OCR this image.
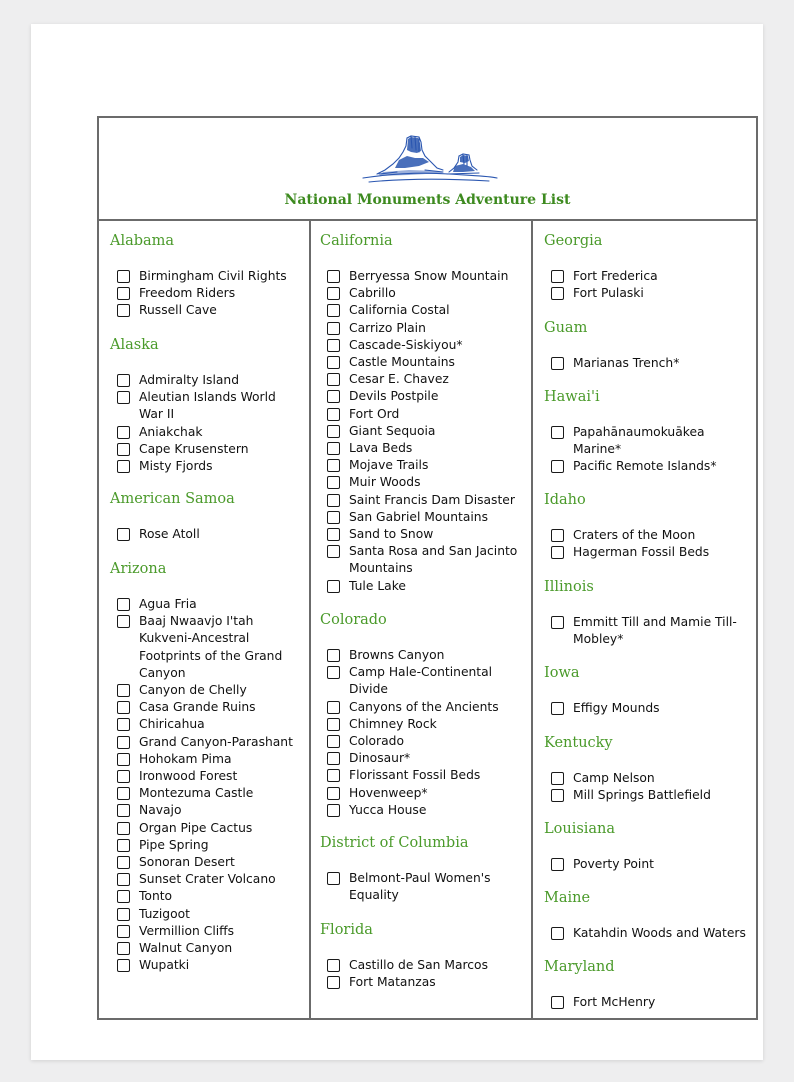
National Monuments Adventure List
Alabama
Birmingham Civil Rights
Freedom Riders
Russell Cave
Alaska
Admiralty Island
Aleutian Islands World War II
Aniakchak
Cape Krusenstern
Misty Fjords
American Samoa
Rose Atoll
Arizona
Agua Fria
Baaj Nwaavjo I'tah Kukveni-Ancestral Footprints of the Grand Canyon
Canyon de Chelly
Casa Grande Ruins
Chiricahua
Grand Canyon-Parashant
Hohokam Pima
Ironwood Forest
Montezuma Castle
Navajo
Organ Pipe Cactus
Pipe Spring
Sonoran Desert
Sunset Crater Volcano
Tonto
Tuzigoot
Vermillion Cliffs
Walnut Canyon
Wupatki
California
Berryessa Snow Mountain
Cabrillo
California Costal
Carrizo Plain
Cascade-Siskiyou*
Castle Mountains
Cesar E. Chavez
Devils Postpile
Fort Ord
Giant Sequoia
Lava Beds
Mojave Trails
Muir Woods
Saint Francis Dam Disaster
San Gabriel Mountains
Sand to Snow
Santa Rosa and San Jacinto Mountains
Tule Lake
Colorado
Browns Canyon
Camp Hale-Continental Divide
Canyons of the Ancients
Chimney Rock
Colorado
Dinosaur*
Florissant Fossil Beds
Hovenweep*
Yucca House
District of Columbia
Belmont-Paul Women's Equality
Florida
Castillo de San Marcos
Fort Matanzas
Georgia
Fort Frederica
Fort Pulaski
Guam
Marianas Trench*
Hawai'i
Papahānaumokuākea Marine*
Pacific Remote Islands*
Idaho
Craters of the Moon
Hagerman Fossil Beds
Illinois
Emmitt Till and Mamie Till-Mobley*
Iowa
Effigy Mounds
Kentucky
Camp Nelson
Mill Springs Battlefield
Louisiana
Poverty Point
Maine
Katahdin Woods and Waters
Maryland
Fort McHenry
